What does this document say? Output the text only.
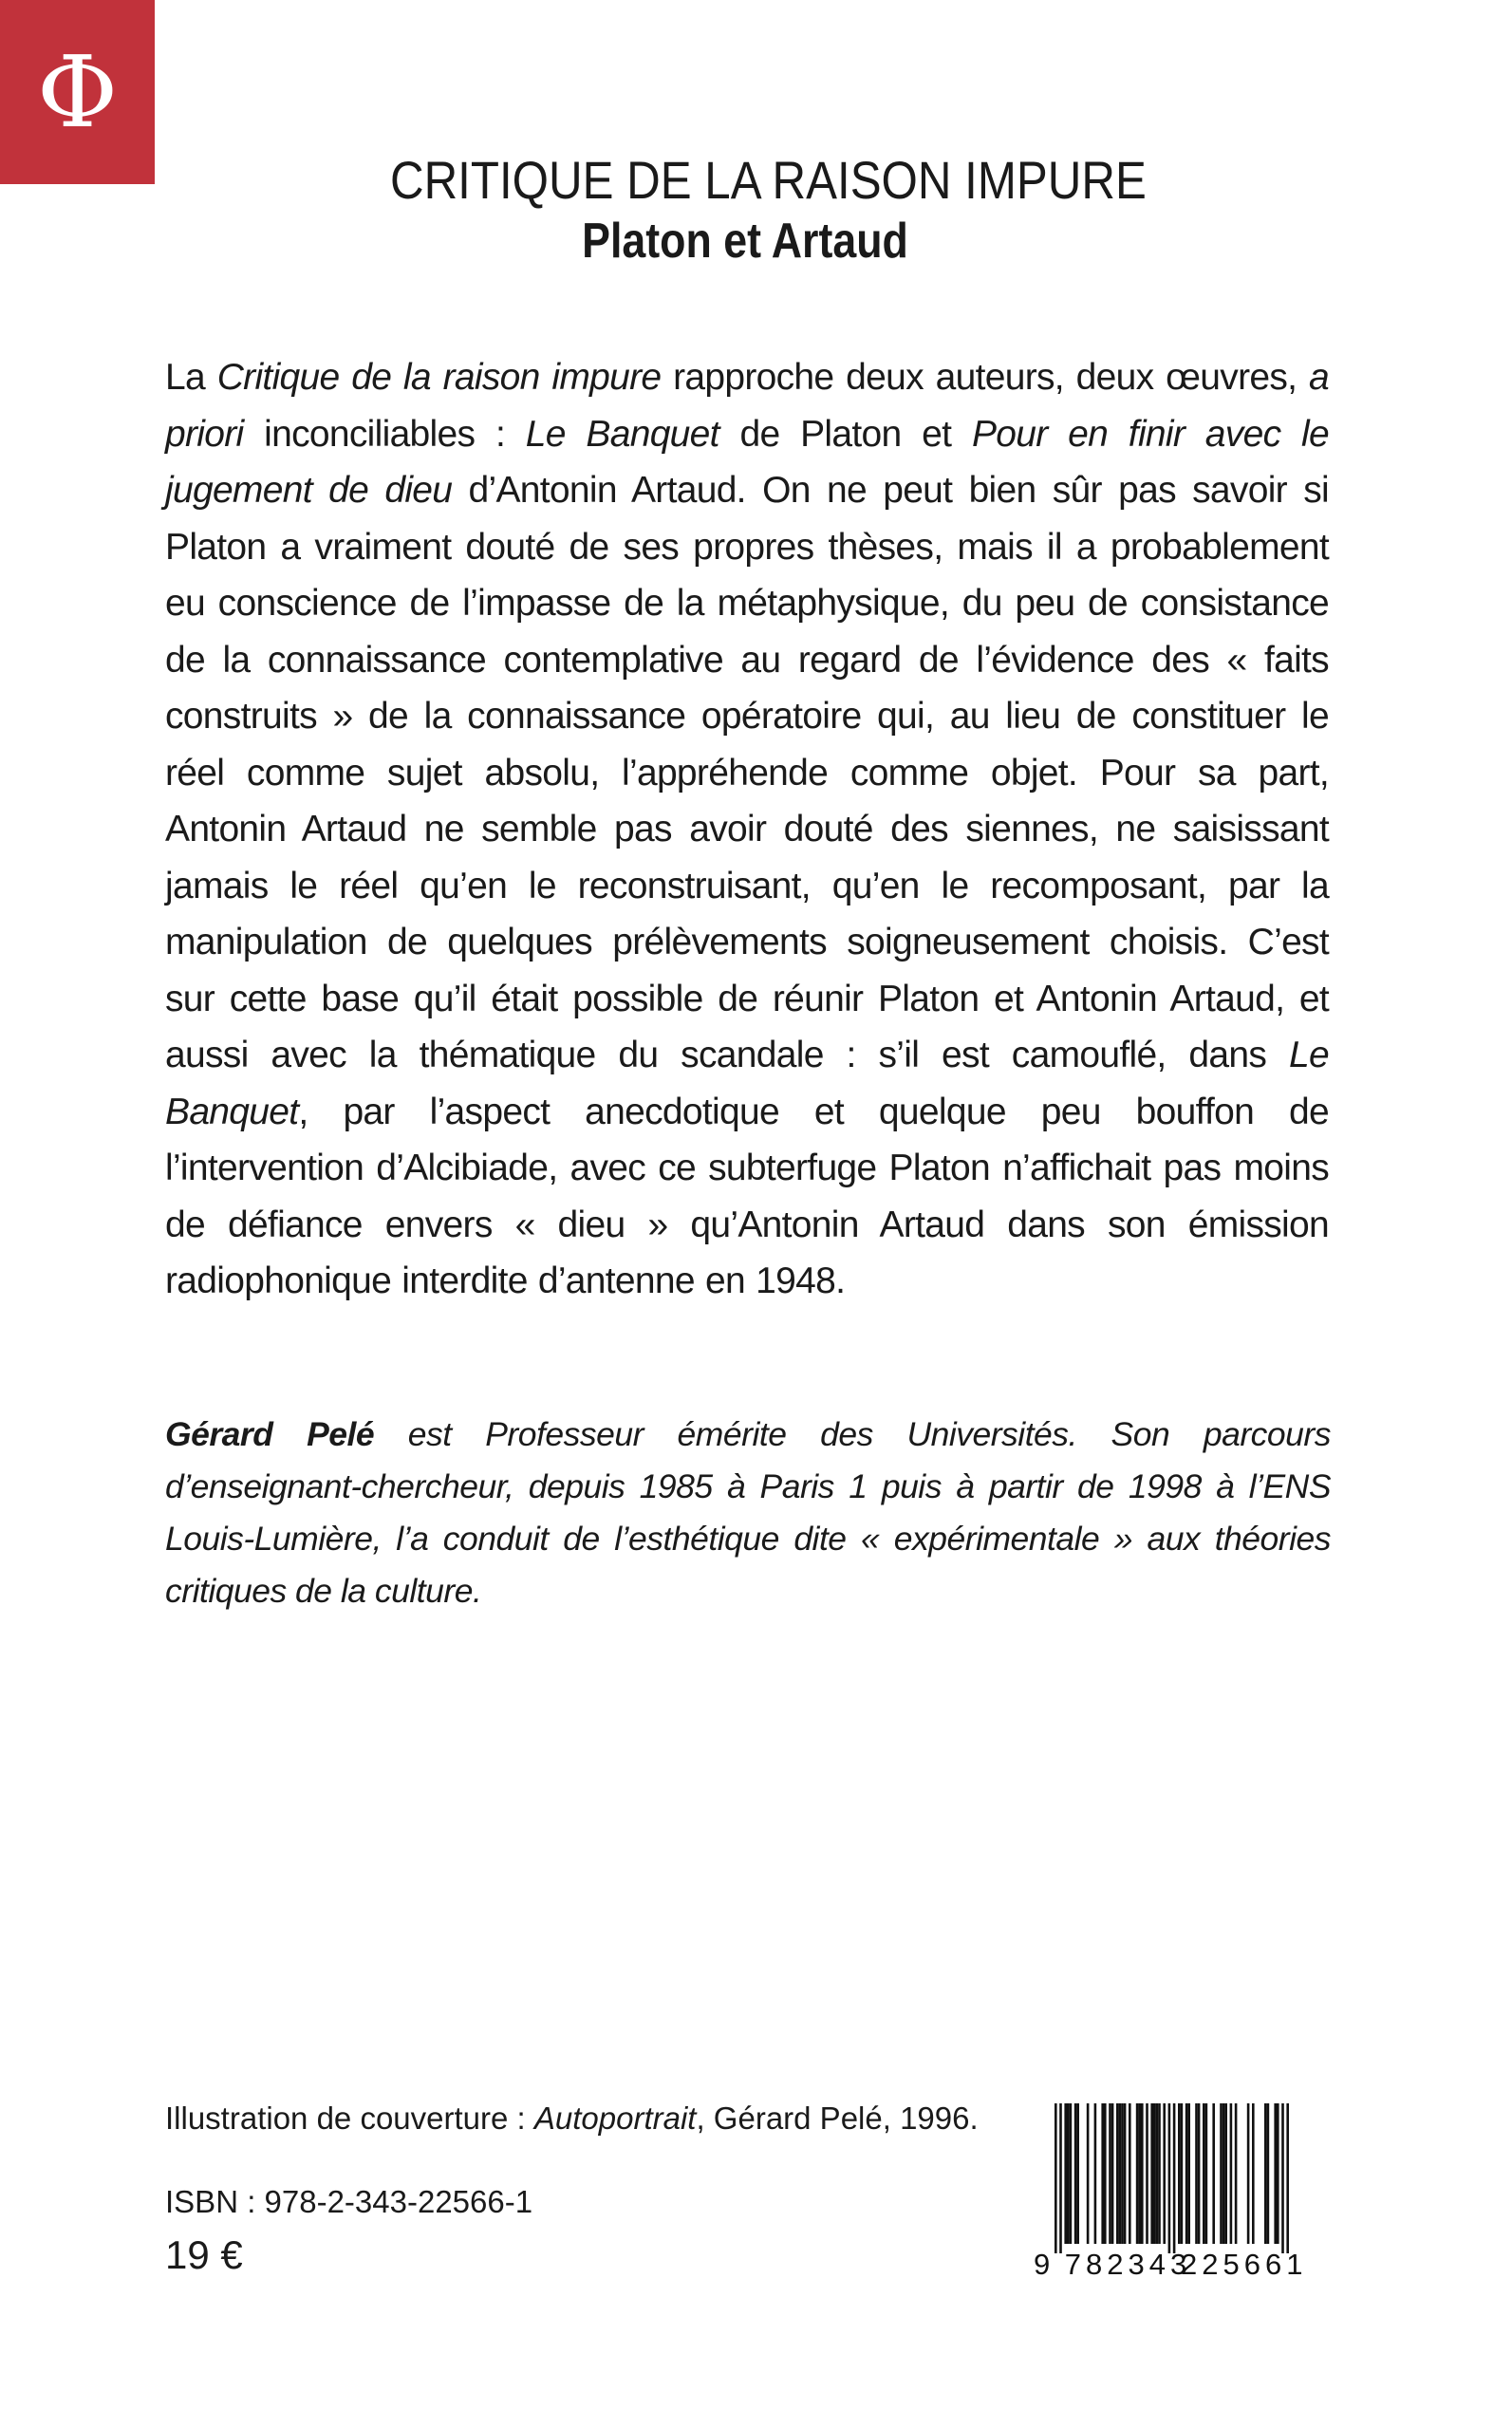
Φ
CRITIQUE DE LA RAISON IMPURE
Platon et Artaud

La Critique de la raison impure rapproche deux auteurs, deux œuvres, a priori inconciliables : Le Banquet de Platon et Pour en finir avec le jugement de dieu d’Antonin Artaud. On ne peut bien sûr pas savoir si Platon a vraiment douté de ses propres thèses, mais il a probablement eu conscience de l’impasse de la métaphysique, du peu de consistance de la connaissance contemplative au regard de l’évidence des « faits construits » de la connaissance opératoire qui, au lieu de constituer le réel comme sujet absolu, l’appréhende comme objet. Pour sa part, Antonin Artaud ne semble pas avoir douté des siennes, ne saisissant jamais le réel qu’en le reconstruisant, qu’en le recomposant, par la manipulation de quelques prélèvements soigneusement choisis. C’est sur cette base qu’il était possible de réunir Platon et Antonin Artaud, et aussi avec la thématique du scandale : s’il est camouflé, dans Le Banquet, par l’aspect anecdotique et quelque peu bouffon de l’intervention d’Alcibiade, avec ce subterfuge Platon n’affichait pas moins de défiance envers « dieu » qu’Antonin Artaud dans son émission radiophonique interdite d’antenne en 1948.

Gérard Pelé est Professeur émérite des Universités. Son parcours d’enseignant-chercheur, depuis 1985 à Paris 1 puis à partir de 1998 à l’ENS Louis-Lumière, l’a conduit de l’esthétique dite « expérimentale » aux théories critiques de la culture.
Illustration de couverture : Autoportrait, Gérard Pelé, 1996.
ISBN : 978-2-343-22566-1
19 €	9 782343
225661
